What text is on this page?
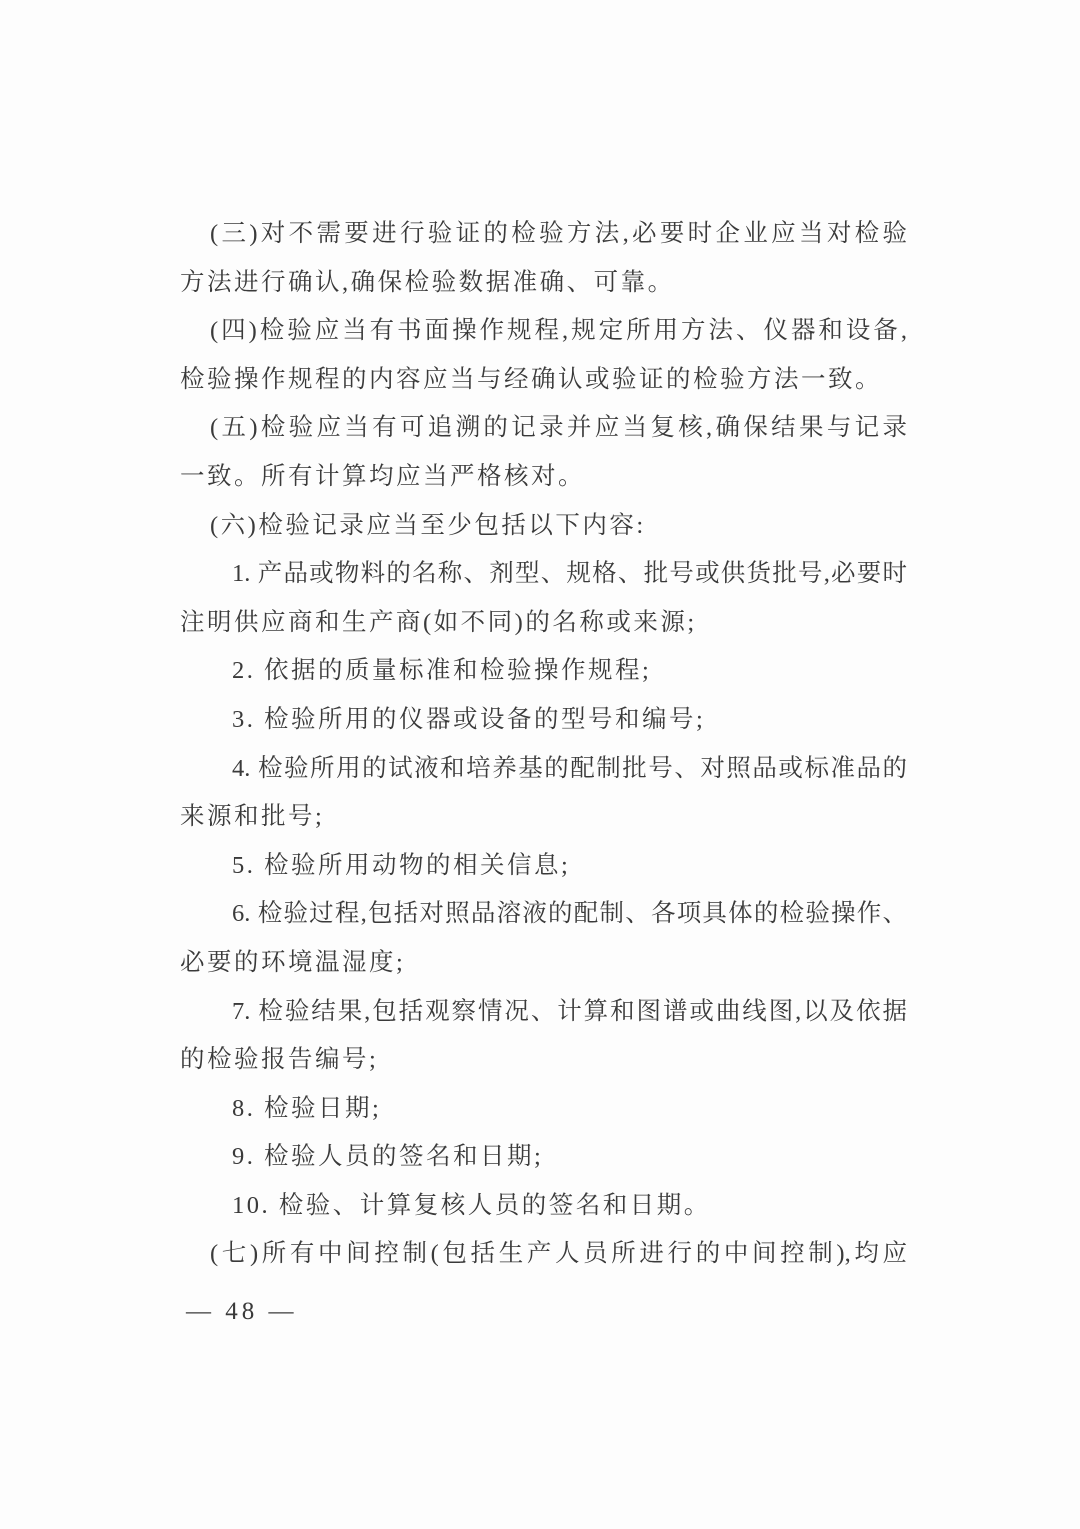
(三)对不需要进行验证的检验方法,必要时企业应当对检验
方法进行确认,确保检验数据准确、可靠。
(四)检验应当有书面操作规程,规定所用方法、仪器和设备,
检验操作规程的内容应当与经确认或验证的检验方法一致。
(五)检验应当有可追溯的记录并应当复核,确保结果与记录
一致。所有计算均应当严格核对。
(六)检验记录应当至少包括以下内容:
1. 产品或物料的名称、剂型、规格、批号或供货批号,必要时
注明供应商和生产商(如不同)的名称或来源;
2. 依据的质量标准和检验操作规程;
3. 检验所用的仪器或设备的型号和编号;
4. 检验所用的试液和培养基的配制批号、对照品或标准品的
来源和批号;
5. 检验所用动物的相关信息;
6. 检验过程,包括对照品溶液的配制、各项具体的检验操作、
必要的环境温湿度;
7. 检验结果,包括观察情况、计算和图谱或曲线图,以及依据
的检验报告编号;
8. 检验日期;
9. 检验人员的签名和日期;
10. 检验、计算复核人员的签名和日期。
(七)所有中间控制(包括生产人员所进行的中间控制),均应
— 48 —
